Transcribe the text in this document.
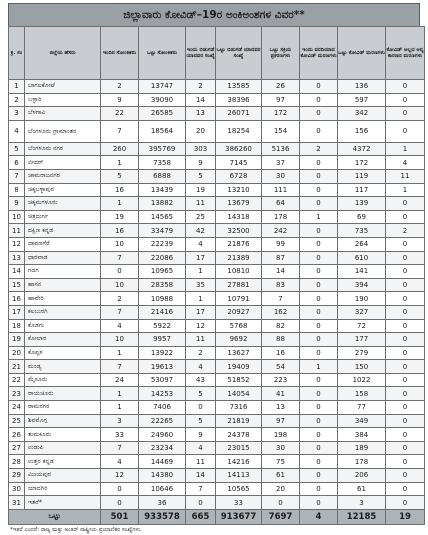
ಜಿಲ್ಲಾವಾರು ಕೋವಿಡ್–19ರ ಅಂಕಿಅಂಶಗಳ ವಿವರ**
ಕ್ರ. ಸಂ	ಜಿಲ್ಲೆಯ ಹೆಸರು	ಇಂದಿನ ಸೋಂಕಿತರು	ಒಟ್ಟು ಸೋಂಕಿತರು	ಇಂದು ಬಿಡುಗಡೆ ಯಾದವರ ಸಂಖ್ಯೆ	ಒಟ್ಟು ಬಿಡುಗಡೆ ಯಾದವರ ಸಂಖ್ಯೆ	ಒಟ್ಟು ಸಕ್ರಿಯ ಪ್ರಕರಣಗಳು	ಇಂದು ವರದಿಯಾದ ಕೋವಿಡ್ ಮರಣಗಳು	ಒಟ್ಟು ಕೋವಿಡ್ ಮರಣಗಳು	ಕೋವಿಡ್ ಅಲ್ಲದ ಅನ್ಯ ಕಾರಣದ ಮರಣಗಳು
1	ಬಾಗಲಕೋಟೆ	2	13747	2	13585	26	0	136	0
2	ಬಳ್ಳಾರಿ	9	39090	14	38396	97	0	597	0
3	ಬೆಳಗಾವಿ	22	26585	13	26071	172	0	342	0
4	ಬೆಂಗಳೂರು ಗ್ರಾಮಾಂತರ	7	18564	20	18254	154	0	156	0
5	ಬೆಂಗಳೂರು ನಗರ	260	395769	303	386260	5136	2	4372	1
6	ಬೀದರ್	1	7358	9	7145	37	0	172	4
7	ಚಾಮರಾಜನಗರ	5	6888	5	6728	30	0	119	11
8	ಚಿಕ್ಕಬಳ್ಳಾಪುರ	16	13439	19	13210	111	0	117	1
9	ಚಿಕ್ಕಮಗಳೂರು	1	13882	11	13679	64	0	139	0
10	ಚಿತ್ರದುರ್ಗ	19	14565	25	14318	178	1	69	0
11	ದಕ್ಷಿಣ ಕನ್ನಡ	16	33479	42	32500	242	0	735	2
12	ದಾವಣಗೆರೆ	10	22239	4	21876	99	0	264	0
13	ಧಾರವಾಡ	7	22086	17	21389	87	0	610	0
14	ಗದಗ	0	10965	1	10810	14	0	141	0
15	ಹಾಸನ	10	28358	35	27881	83	0	394	0
16	ಹಾವೇರಿ	2	10988	1	10791	7	0	190	0
17	ಕಲಬುರಗಿ	7	21416	17	20927	162	0	327	0
18	ಕೊಡಗು	4	5922	12	5768	82	0	72	0
19	ಕೋಲಾರ	10	9957	11	9692	88	0	177	0
20	ಕೊಪ್ಪಳ	1	13922	2	13627	16	0	279	0
21	ಮಂಡ್ಯ	7	19613	4	19409	54	1	150	0
22	ಮೈಸೂರು	24	53097	43	51852	223	0	1022	0
23	ರಾಯಚೂರು	1	14253	5	14054	41	0	158	0
24	ರಾಮನಗರ	1	7406	0	7316	13	0	77	0
25	ಶಿವಮೊಗ್ಗ	3	22265	5	21819	97	0	349	0
26	ತುಮಕೂರು	33	24960	9	24378	198	0	384	0
27	ಉಡುಪಿ	7	23234	4	23015	30	0	189	0
28	ಉತ್ತರ ಕನ್ನಡ	4	14469	11	14216	75	0	178	0
29	ವಿಜಯಪುರ	12	14380	14	14113	61	0	206	0
30	ಯಾದಗಿರಿ	0	10646	7	10565	20	0	61	0
31	ಇತರೆ*	0	36	0	33	0	0	3	0
ಒಟ್ಟು		501	933578	665	913677	7697	4	12185	19
*ಇತರೆ ಎಂದರೆ: ರಾಜ್ಯ ಮತ್ತು ಅಂತರ್ ರಾಷ್ಟ್ರೀಯ ಪ್ರಯಾಣಿಕರ ಸಂಖ್ಯೆಗಳು.
